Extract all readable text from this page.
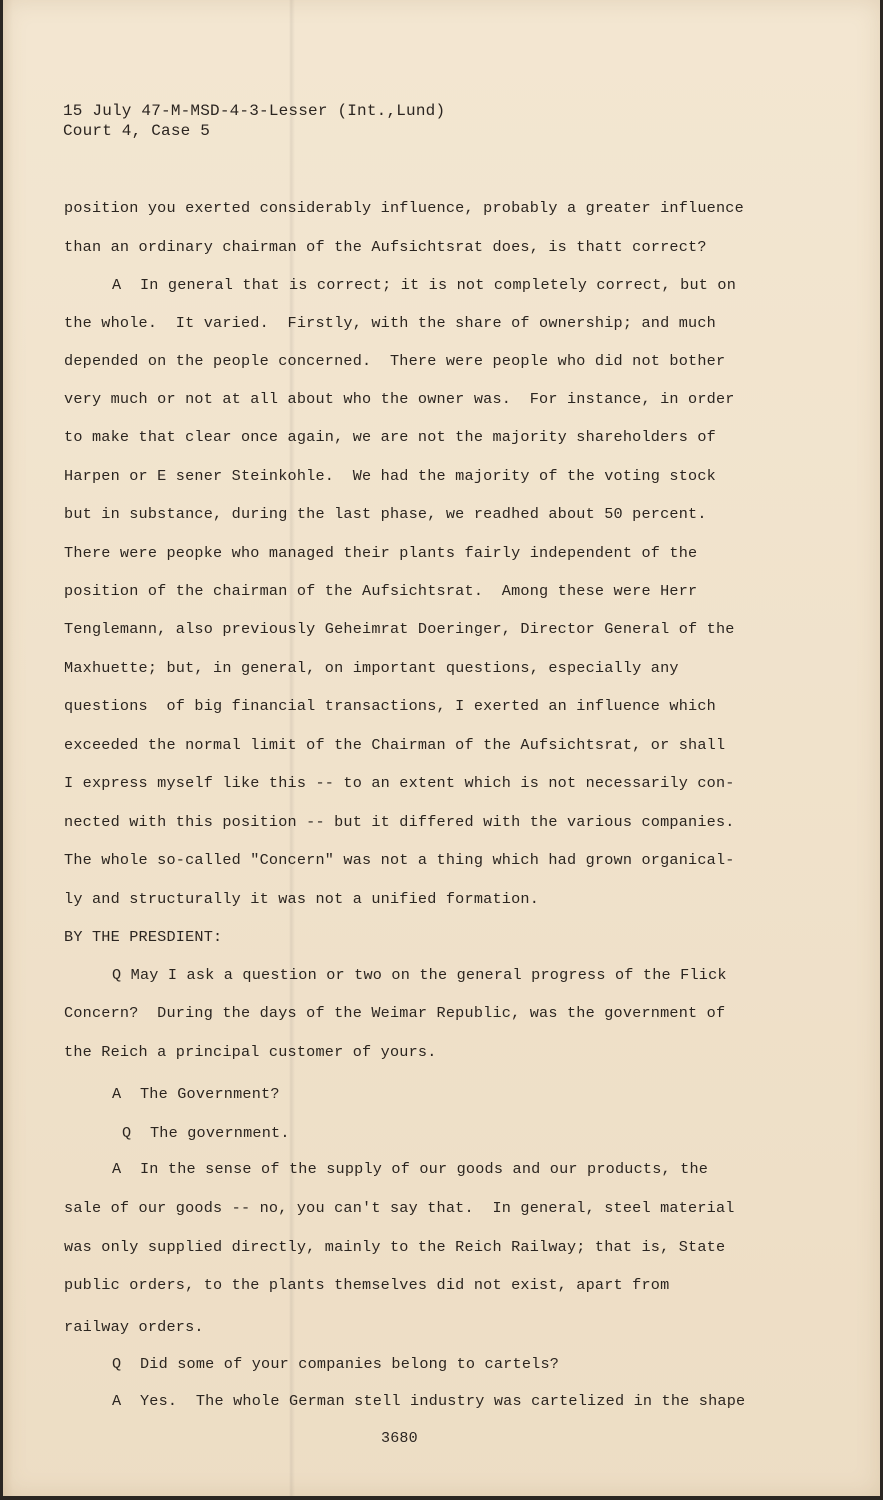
15 July 47-M-MSD-4-3-Lesser (Int.,Lund)
Court 4, Case 5
position you exerted considerably influence, probably a greater influence
than an ordinary chairman of the Aufsichtsrat does, is thatt correct?
A  In general that is correct; it is not completely correct, but on
the whole.  It varied.  Firstly, with the share of ownership; and much
depended on the people concerned.  There were people who did not bother
very much or not at all about who the owner was.  For instance, in order
to make that clear once again, we are not the majority shareholders of
Harpen or E sener Steinkohle.  We had the majority of the voting stock
but in substance, during the last phase, we readhed about 50 percent.
There were peopke who managed their plants fairly independent of the
position of the chairman of the Aufsichtsrat.  Among these were Herr
Tenglemann, also previously Geheimrat Doeringer, Director General of the
Maxhuette; but, in general, on important questions, especially any
questions  of big financial transactions, I exerted an influence which
exceeded the normal limit of the Chairman of the Aufsichtsrat, or shall
I express myself like this -- to an extent which is not necessarily con-
nected with this position -- but it differed with the various companies.
The whole so-called "Concern" was not a thing which had grown organical-
ly and structurally it was not a unified formation.
BY THE PRESDIENT:
Q May I ask a question or two on the general progress of the Flick
Concern?  During the days of the Weimar Republic, was the government of
the Reich a principal customer of yours.
A  The Government?
Q  The government.
A  In the sense of the supply of our goods and our products, the
sale of our goods -- no, you can't say that.  In general, steel material
was only supplied directly, mainly to the Reich Railway; that is, State
public orders, to the plants themselves did not exist, apart from
railway orders.
Q  Did some of your companies belong to cartels?
A  Yes.  The whole German stell industry was cartelized in the shape
3680
